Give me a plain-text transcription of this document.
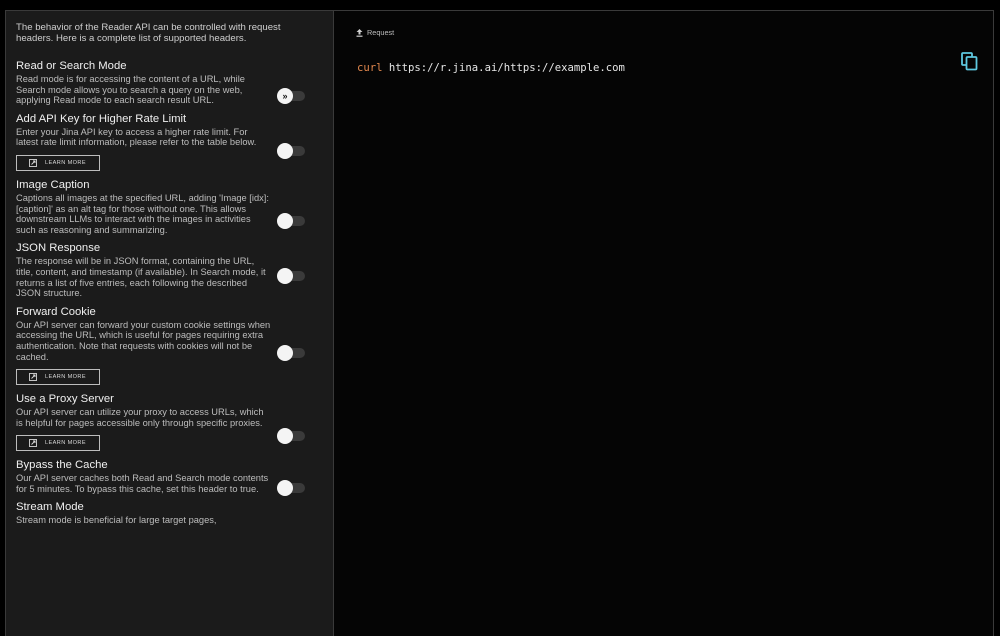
The behavior of the Reader API can be controlled with request headers. Here is a complete list of supported headers.

Read or Search Mode
Read mode is for accessing the content of a URL, while Search mode allows you to search a query on the web, applying Read mode to each search result URL.	»
Add API Key for Higher Rate Limit
Enter your Jina API key to access a higher rate limit. For latest rate limit information, please refer to the table below.
LEARN MORE
Image Caption
Captions all images at the specified URL, adding 'Image [idx]: [caption]' as an alt tag for those without one. This allows downstream LLMs to interact with the images in activities such as reasoning and summarizing.
JSON Response
The response will be in JSON format, containing the URL, title, content, and timestamp (if available). In Search mode, it returns a list of five entries, each following the described JSON structure.
Forward Cookie
Our API server can forward your custom cookie settings when accessing the URL, which is useful for pages requiring extra authentication. Note that requests with cookies will not be cached.
LEARN MORE
Use a Proxy Server
Our API server can utilize your proxy to access URLs, which is helpful for pages accessible only through specific proxies.
LEARN MORE
Bypass the Cache
Our API server caches both Read and Search mode contents for 5 minutes. To bypass this cache, set this header to true.
Stream Mode
Stream mode is beneficial for large target pages,
Request
curl https://r.jina.ai/https://example.com
